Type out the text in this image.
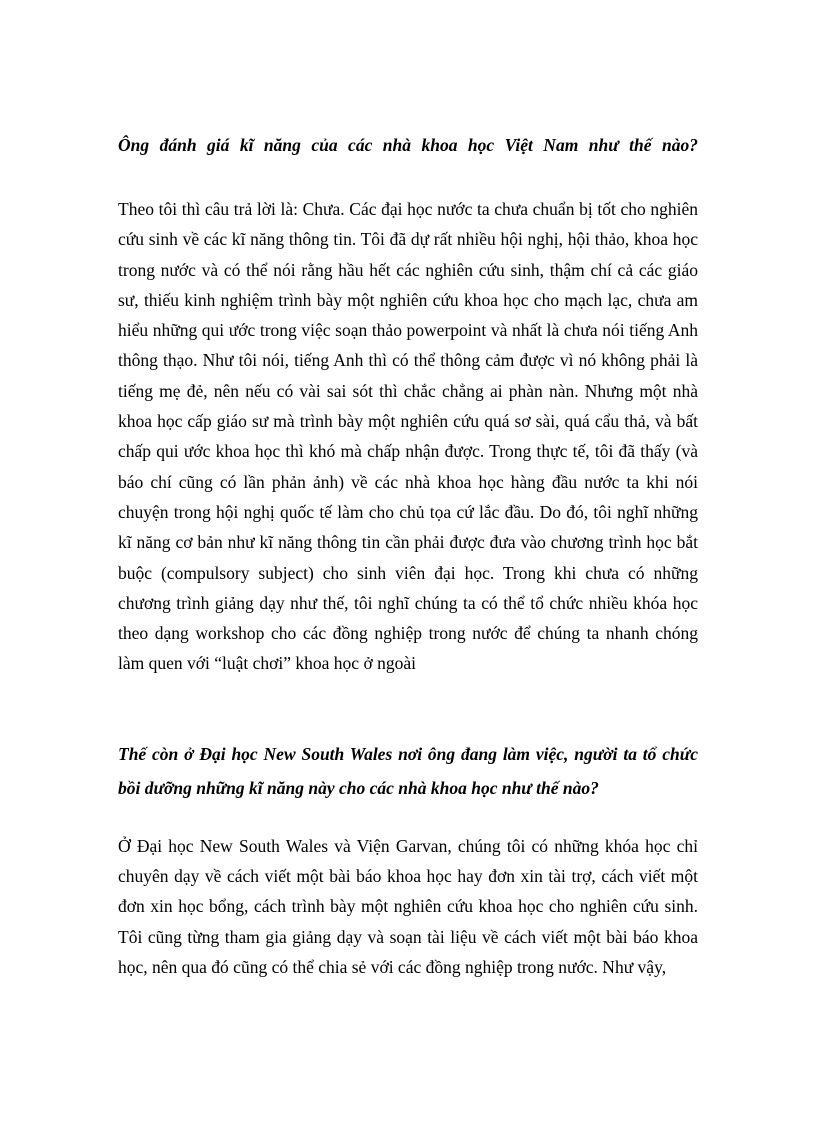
Ông đánh giá kĩ năng của các nhà khoa học Việt Nam như thế nào?

Theo tôi thì câu trả lời là: Chưa. Các đại học nước ta chưa chuẩn bị tốt cho nghiên cứu sinh về các kĩ năng thông tin. Tôi đã dự rất nhiều hội nghị, hội thảo, khoa học trong nước và có thể nói rằng hầu hết các nghiên cứu sinh, thậm chí cả các giáo sư, thiếu kinh nghiệm trình bày một nghiên cứu khoa học cho mạch lạc, chưa am hiểu những qui ước trong việc soạn thảo powerpoint và nhất là chưa nói tiếng Anh thông thạo. Như tôi nói, tiếng Anh thì có thể thông cảm được vì nó không phải là tiếng mẹ đẻ, nên nếu có vài sai sót thì chắc chẳng ai phàn nàn. Nhưng một nhà khoa học cấp giáo sư mà trình bày một nghiên cứu quá sơ sài, quá cẩu thả, và bất chấp qui ước khoa học thì khó mà chấp nhận được. Trong thực tế, tôi đã thấy (và báo chí cũng có lần phản ảnh) về các nhà khoa học hàng đầu nước ta khi nói chuyện trong hội nghị quốc tế làm cho chủ tọa cứ lắc đầu. Do đó, tôi nghĩ những kĩ năng cơ bản như kĩ năng thông tin cần phải được đưa vào chương trình học bắt buộc (compulsory subject) cho sinh viên đại học. Trong khi chưa có những chương trình giảng dạy như thế, tôi nghĩ chúng ta có thể tổ chức nhiều khóa học theo dạng workshop cho các đồng nghiệp trong nước để chúng ta nhanh chóng làm quen với “luật chơi” khoa học ở ngoài

Thế còn ở Đại học New South Wales nơi ông đang làm việc, người ta tổ chức bồi dưỡng những kĩ năng này cho các nhà khoa học như thế nào?

Ở Đại học New South Wales và Viện Garvan, chúng tôi có những khóa học chỉ chuyên dạy về cách viết một bài báo khoa học hay đơn xin tài trợ, cách viết một đơn xin học bổng, cách trình bày một nghiên cứu khoa học cho nghiên cứu sinh. Tôi cũng từng tham gia giảng dạy và soạn tài liệu về cách viết một bài báo khoa học, nên qua đó cũng có thể chia sẻ với các đồng nghiệp trong nước. Như vậy,
